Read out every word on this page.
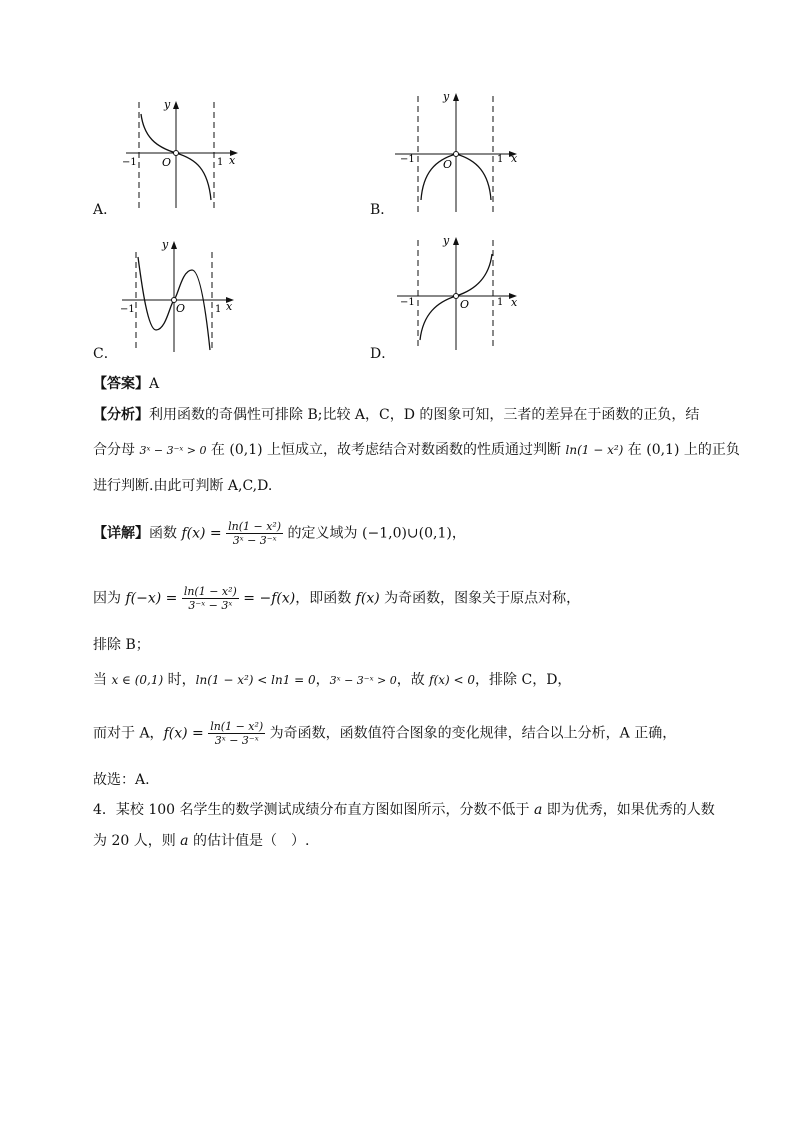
y
x
O
−1	1
A．
y
x
O
−1	1
B．
y
x
O
−1	1
C．
y
x
O
−1	1
D．
【答案】A
【分析】利用函数的奇偶性可排除 B;比较 A，C，D 的图象可知，三者的差异在于函数的正负，结
合分母 3ˣ − 3⁻ˣ > 0 在 (0,1) 上恒成立，故考虑结合对数函数的性质通过判断 ln(1 − x²) 在 (0,1) 上的正负
进行判断.由此可判断 A,C,D.
【详解】函数 $f(x) = \frac{\text{ln(1 − x²)}}{\text{3ˣ − 3⁻ˣ}}$ 的定义域为 (−1,0)∪(0,1)，
因为 $f(-x) = \frac{\text{ln(1 − x²)}}{\text{3⁻ˣ − 3ˣ}} = -f(x)$，即函数 f(x) 为奇函数，图象关于原点对称，
排除 B；
当 x ∈ (0,1) 时，ln(1 − x²) < ln1 = 0，3ˣ − 3⁻ˣ > 0，故 f(x) < 0，排除 C，D，
而对于 A，$f(x) = \frac{\text{ln(1 − x²)}}{\text{3ˣ − 3⁻ˣ}}$ 为奇函数，函数值符合图象的变化规律，结合以上分析，A 正确，
故选：A.
4．某校 100 名学生的数学测试成绩分布直方图如图所示，分数不低于 a 即为优秀，如果优秀的人数
为 20 人，则 a 的估计值是（　）.
